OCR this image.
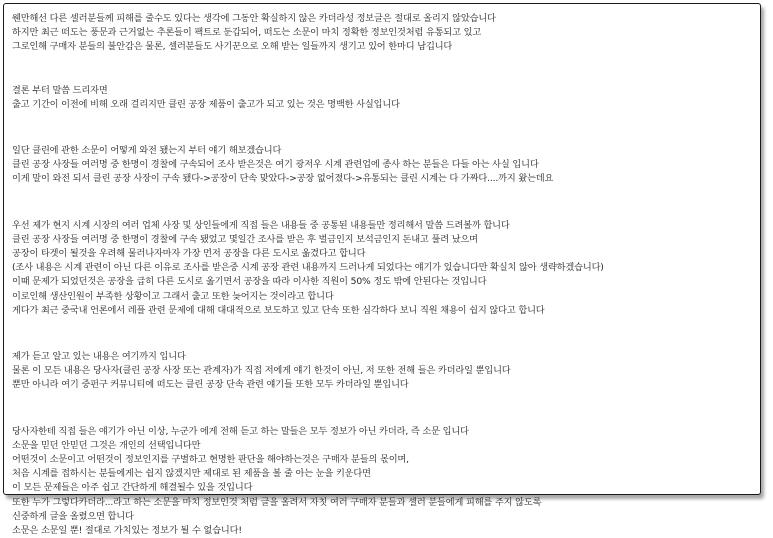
웬만해선 다른 셀러분들께 피해를 줄수도 있다는 생각에 그동안 확실하지 않은 카더라성 정보글은 절대로 올리지 않았습니다
하지만 최근 떠도는 풍문과 근거없는 추론들이 팩트로 둔갑되어, 떠도는 소문이 마치 정확한 정보인것처럼 유통되고 있고
그로인해 구매자 분들의 불안감은 물론, 셀러분들도 사기꾼으로 오해 받는 일들까지 생기고 있어 한마디 남깁니다
결론 부터 말씀 드리자면
출고 기간이 이전에 비해 오래 걸리지만 클린 공장 제품이 출고가 되고 있는 것은 명백한 사실입니다
일단 클린에 관한 소문이 어떻게 와전 됐는지 부터 얘기 해보겠습니다
클린 공장 사장들 여러명 중 한명이 경찰에 구속되어 조사 받은것은 여기 광저우 시계 관련업에 종사 하는 분들은 다들 아는 사실 입니다
이게 말이 와전 되서 클린 공장 사장이 구속 됐다->공장이 단속 맞았다->공장 없어졌다->유통되는 클린 시계는 다 가짜다....까지 왔는데요
우선 제가 현지 시계 시장의 여러 업체 사장 및 상인들에게 직접 들은 내용들 중 공통된 내용들만 정리해서 말씀 드려볼까 합니다
클린 공장 사장들 여러명 중 한명이 경찰에 구속 됐었고 몇일간 조사를 받은 후 벌금인지 보석금인지 돈내고 풀려 났으며
공장이 타겟이 될것을 우려해 물러나자마자 가장 먼저 공장을 다른 도시로 옮겼다고 합니다
(조사 내용은 시계 관련이 아닌 다른 이유로 조사를 받은중 시계 공장 관련 내용까지 드러나게 되었다는 얘기가 있습니다만 확실치 않아 생략하겠습니다)
이때 문제가 되었던것은 공장을 급히 다른 도시로 옮기면서 공장을 따라 이사한 직원이 50% 정도 밖에 안된다는 것입니다
이로인해 생산인원이 부족한 상황이고 그래서 출고 또한 늦어지는 것이라고 합니다
게다가 최근 중국내 언론에서 레플 관련 문제에 대해 대대적으로 보도하고 있고 단속 또한 심각하다 보니 직원 채용이 쉽지 않다고 합니다
제가 듣고 알고 있는 내용은 여기까지 입니다
물론 이 모든 내용은 당사자(클린 공장 사장 또는 관계자)가 직접 저에게 얘기 한것이 아닌, 저 또한 전해 들은 카더라일 뿐입니다
뿐만 아니라 여기 중펀구 커뮤니티에 떠도는 클린 공장 단속 관련 얘기들 또한 모두 카더라일 뿐입니다
당사자한테 직접 들은 얘기가 아닌 이상, 누군가 에게 전해 듣고 하는 말들은 모두 정보가 아닌 카더라, 즉 소문 입니다
소문을 믿던 안믿던 그것은 개인의 선택입니다만
어떤것이 소문이고 어떤것이 정보인지를 구별하고 현명한 판단을 해야하는것은 구매자 분들의 몫이며,
처음 시계를 접하시는 분들에게는 쉽지 않겠지만 제대로 된 제품을 볼 줄 아는 눈을 키운다면
이 모든 문제들은 아주 쉽고 간단하게 해결될수 있을 것입니다
또한 누가 그렇다카더라...라고 하는 소문을 마치 정보인것 처럼 글을 올려서 자칫 여러 구매자 분들과 셀러 분들에게 피해를 주지 않도록
신중하게 글을 올렸으면 합니다
소문은 소문일 뿐! 절대로 가치있는 정보가 될 수 없습니다!
